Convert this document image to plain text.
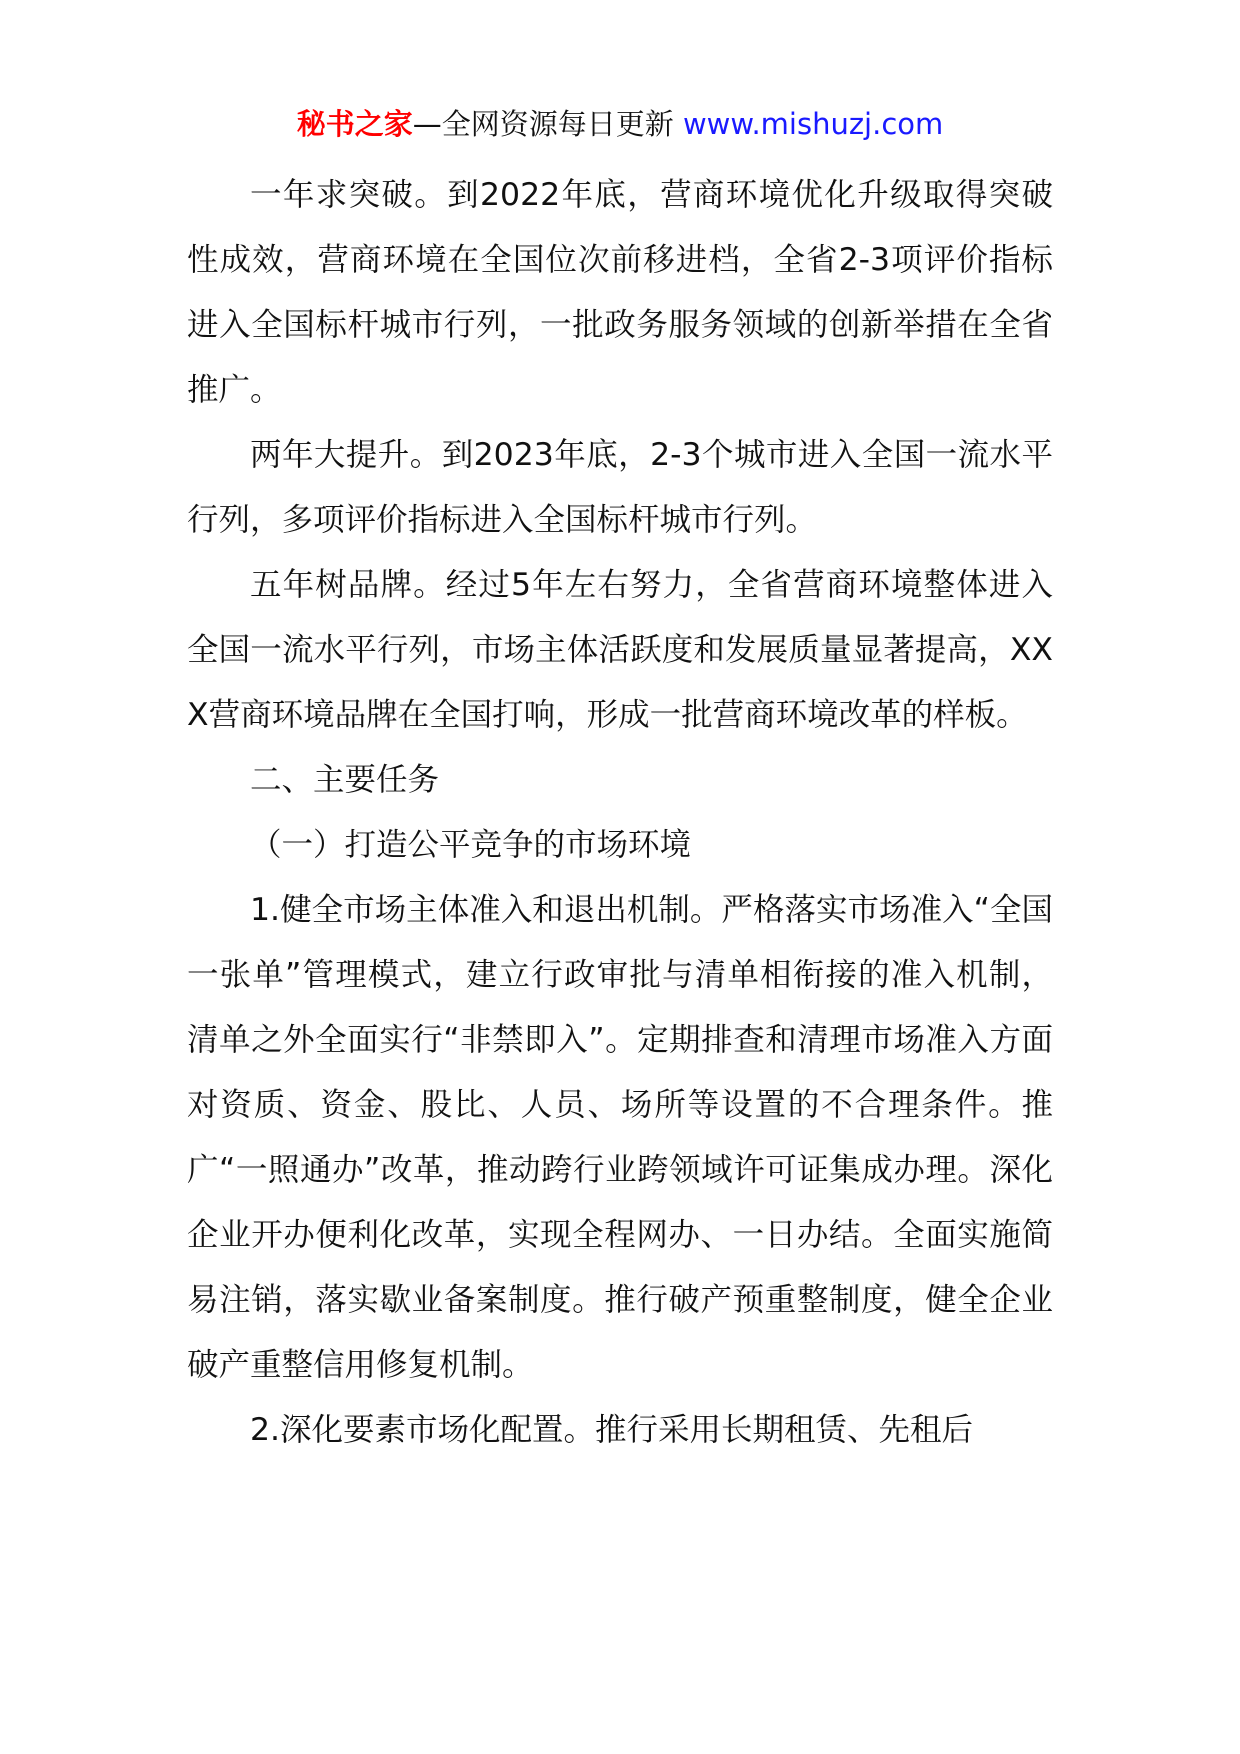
秘书之家—全网资源每日更新 www.mishuzj.com

一年求突破。到2022年底，营商环境优化升级取得突破性成效，营商环境在全国位次前移进档，全省2-3项评价指标进入全国标杆城市行列，一批政务服务领域的创新举措在全省推广。

两年大提升。到2023年底，2-3个城市进入全国一流水平行列，多项评价指标进入全国标杆城市行列。

五年树品牌。经过5年左右努力，全省营商环境整体进入全国一流水平行列，市场主体活跃度和发展质量显著提高，XXX营商环境品牌在全国打响，形成一批营商环境改革的样板。

二、主要任务

（一）打造公平竞争的市场环境

1.健全市场主体准入和退出机制。严格落实市场准入“全国一张单”管理模式，建立行政审批与清单相衔接的准入机制，清单之外全面实行“非禁即入”。定期排查和清理市场准入方面对资质、资金、股比、人员、场所等设置的不合理条件。推广“一照通办”改革，推动跨行业跨领域许可证集成办理。深化企业开办便利化改革，实现全程网办、一日办结。全面实施简易注销，落实歇业备案制度。推行破产预重整制度，健全企业破产重整信用修复机制。

2.深化要素市场化配置。推行采用长期租赁、先租后
